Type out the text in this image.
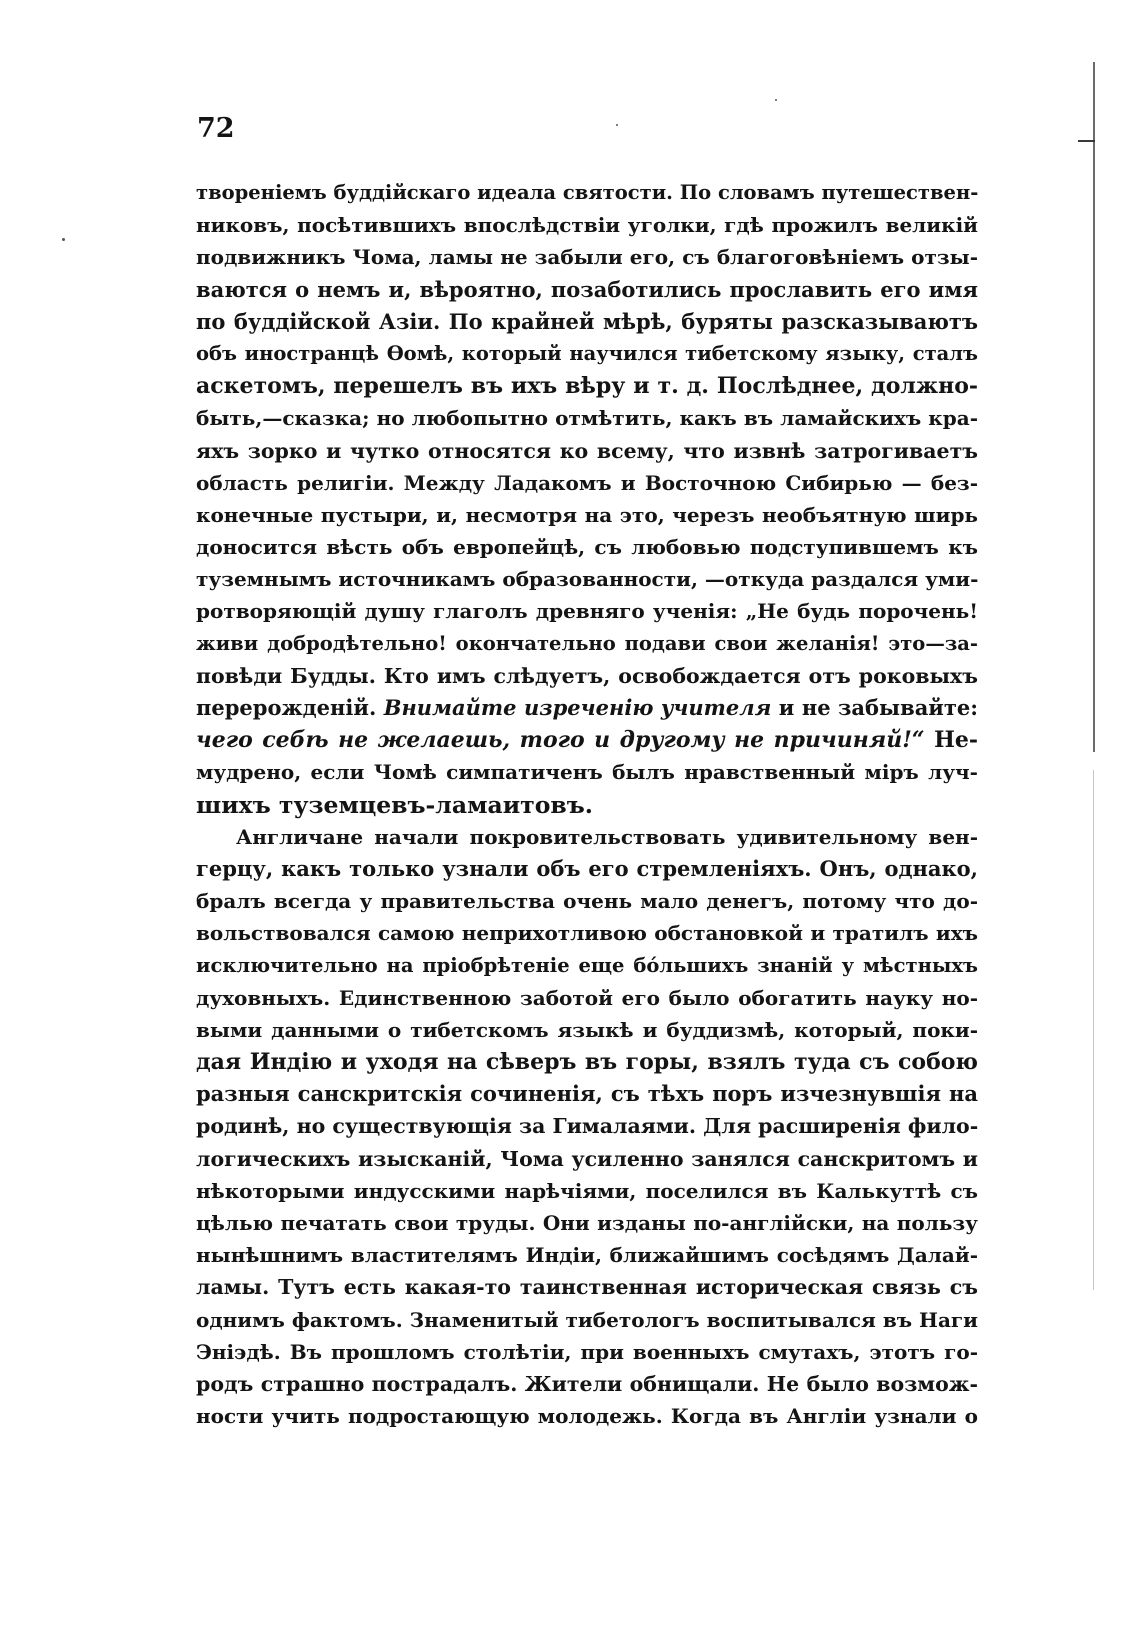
72
твореніемъ буддійскаго идеала святости. По словамъ путешествен-
никовъ, посѣтившихъ впослѣдствіи уголки, гдѣ прожилъ великій
подвижникъ Чома, ламы не забыли его, съ благоговѣніемъ отзы-
ваются о немъ и, вѣроятно, позаботились прославить его имя
по буддійской Азіи. По крайней мѣрѣ, буряты разсказываютъ
объ иностранцѣ Ѳомѣ, который научился тибетскому языку, сталъ
аскетомъ, перешелъ въ ихъ вѣру и т. д. Послѣднее, должно-
быть,—сказка; но любопытно отмѣтить, какъ въ ламайскихъ кра-
яхъ зорко и чутко относятся ко всему, что извнѣ затрогиваетъ
область религіи. Между Ладакомъ и Восточною Сибирью — без-
конечные пустыри, и, несмотря на это, черезъ необъятную ширь
доносится вѣсть объ европейцѣ, съ любовью подступившемъ къ
туземнымъ источникамъ образованности, —откуда раздался уми-
ротворяющій душу глаголъ древняго ученія: „Не будь порочень!
живи добродѣтельно! окончательно подави свои желанія! это—за-
повѣди Будды. Кто имъ слѣдуетъ, освобождается отъ роковыхъ
перерожденій. Внимайте изреченію учителя и не забывайте:
чего себѣ не желаешь, того и другому не причиняй!“ Не-
мудрено, если Чомѣ симпатиченъ былъ нравственный міръ луч-
шихъ туземцевъ-ламаитовъ.
Англичане начали покровительствовать удивительному вен-
герцу, какъ только узнали объ его стремленіяхъ. Онъ, однако,
бралъ всегда у правительства очень мало денегъ, потому что до-
вольствовался самою неприхотливою обстановкой и тратилъ ихъ
исключительно на пріобрѣтеніе еще бо́льшихъ знаній у мѣстныхъ
духовныхъ. Единственною заботой его было обогатить науку но-
выми данными о тибетскомъ языкѣ и буддизмѣ, который, поки-
дая Индію и уходя на сѣверъ въ горы, взялъ туда съ собою
разныя санскритскія сочиненія, съ тѣхъ поръ изчезнувшія на
родинѣ, но существующія за Гималаями. Для расширенія фило-
логическихъ изысканій, Чома усиленно занялся санскритомъ и
нѣкоторыми индусскими нарѣчіями, поселился въ Калькуттѣ съ
цѣлью печатать свои труды. Они изданы по-англійски, на пользу
нынѣшнимъ властителямъ Индіи, ближайшимъ сосѣдямъ Далай-
ламы. Тутъ есть какая-то таинственная историческая связь съ
однимъ фактомъ. Знаменитый тибетологъ воспитывался въ Наги
Эніэдѣ. Въ прошломъ столѣтіи, при военныхъ смутахъ, этотъ го-
родъ страшно пострадалъ. Жители обнищали. Не было возмож-
ности учить подростающую молодежь. Когда въ Англіи узнали о
